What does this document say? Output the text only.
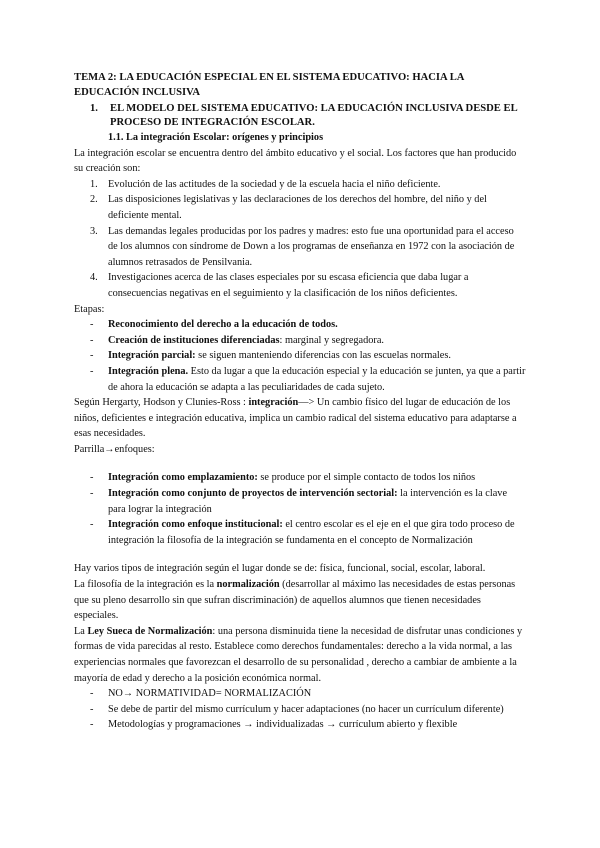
TEMA 2: LA EDUCACIÓN ESPECIAL EN EL SISTEMA EDUCATIVO: HACIA LA EDUCACIÓN INCLUSIVA

1.	EL MODELO DEL SISTEMA EDUCATIVO: LA EDUCACIÓN INCLUSIVA DESDE EL PROCESO DE INTEGRACIÓN ESCOLAR.

1.1. La integración Escolar: orígenes y principios

La integración escolar se encuentra dentro del ámbito educativo y el social. Los factores que han producido su creación son:

1. Evolución de las actitudes de la sociedad y de la escuela hacia el niño deficiente.
2. Las disposiciones legislativas y las declaraciones de los derechos del hombre, del niño y del deficiente mental.
3. Las demandas legales producidas por los padres y madres: esto fue una oportunidad para el acceso de los alumnos con síndrome de Down a los programas de enseñanza en 1972 con la asociación de alumnos retrasados de Pensilvania.
4. Investigaciones acerca de las clases especiales por su escasa eficiencia que daba lugar a consecuencias negativas en el seguimiento y la clasificación de los niños deficientes.

Etapas:

-	Reconocimiento del derecho a la educación de todos.
-	Creación de instituciones diferenciadas: marginal y segregadora.
-	Integración parcial: se siguen manteniendo diferencias con las escuelas normales.
-	Integración plena. Esto da lugar a que la educación especial y la educación se junten, ya que a partir de ahora la educación se adapta a las peculiaridades de cada sujeto.

Según Hergarty, Hodson y Clunies-Ross : integración—> Un cambio físico del lugar de educación de los niños, deficientes e integración educativa, implica un cambio radical del sistema educativo para adaptarse a esas necesidades.

Parrilla→enfoques:

-	Integración como emplazamiento: se produce por el simple contacto de todos los niños
-	Integración como conjunto de proyectos de intervención sectorial: la intervención es la clave para lograr la integración
-	Integración como enfoque institucional: el centro escolar es el eje en el que gira todo proceso de integración la filosofía de la integración se fundamenta en el concepto de Normalización

Hay varios tipos de integración según el lugar donde se de: física, funcional, social, escolar, laboral.

La filosofía de la integración es la normalización (desarrollar al máximo las necesidades de estas personas que su pleno desarrollo sin que sufran discriminación) de aquellos alumnos que tienen necesidades especiales.

La Ley Sueca de Normalización: una persona disminuida tiene la necesidad de disfrutar unas condiciones y formas de vida parecidas al resto. Establece como derechos fundamentales: derecho a la vida normal, a las experiencias normales que favorezcan el desarrollo de su personalidad , derecho a cambiar de ambiente a la mayoría de edad y derecho a la posición económica normal.

-	NO→ NORMATIVIDAD= NORMALIZACIÓN
-	Se debe de partir del mismo currículum y hacer adaptaciones (no hacer un currículum diferente)
-	Metodologías y programaciones → individualizadas → currículum abierto y flexible
